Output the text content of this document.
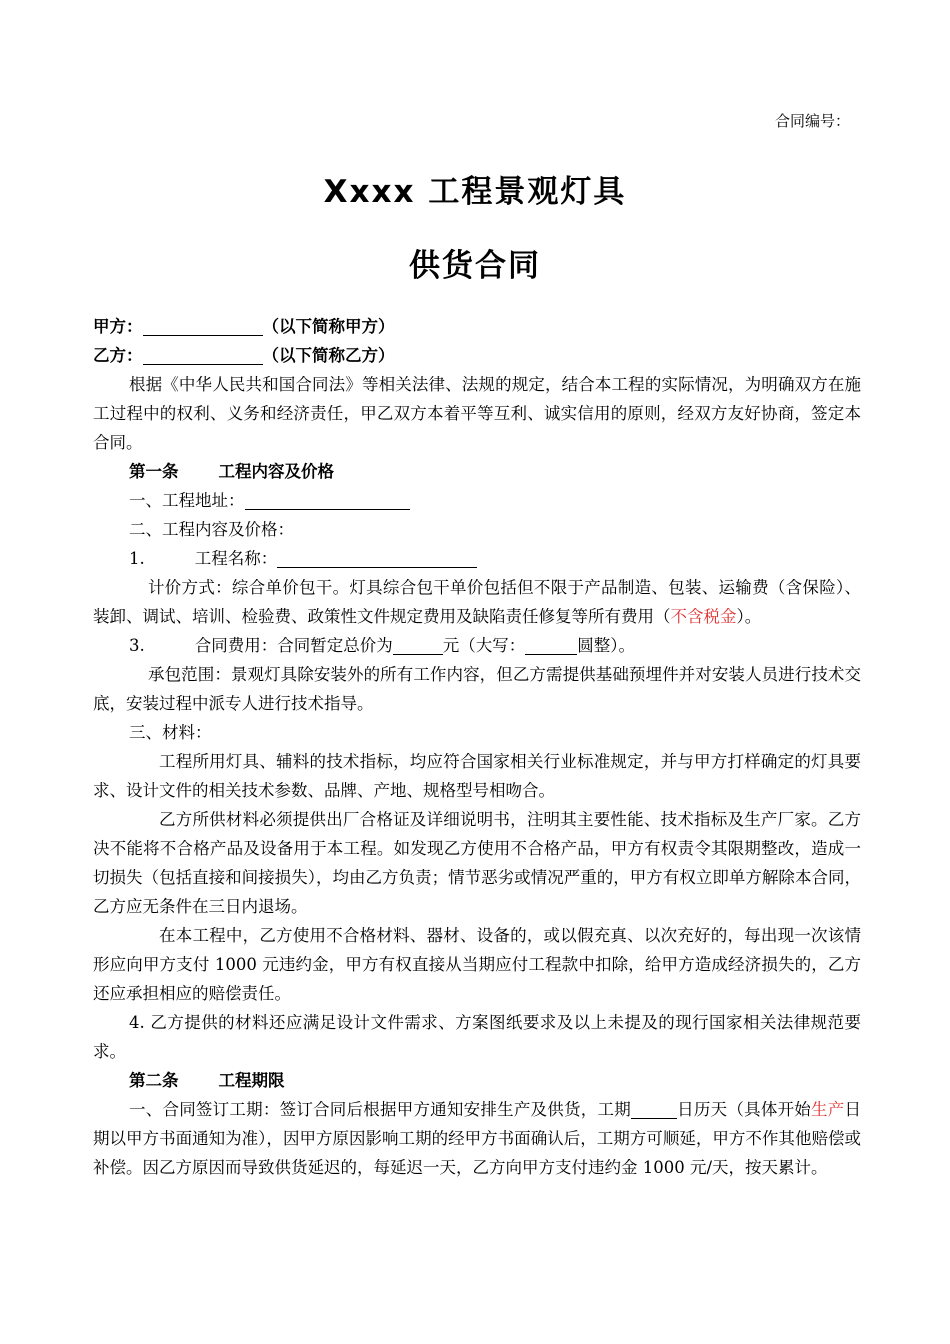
合同编号：
Xxxx 工程景观灯具
供货合同

甲方：	（以下简称甲方）

乙方：	（以下简称乙方）

根据《中华人民共和国合同法》等相关法律、法规的规定，结合本工程的实际情况，为明确双方在施工过程中的权利、义务和经济责任，甲乙双方本着平等互利、诚实信用的原则，经双方友好协商，签定本合同。

第一条 工程内容及价格

一、工程地址：

二、工程内容及价格：

1.	工程名称：

计价方式：综合单价包干。灯具综合包干单价包括但不限于产品制造、包装、运输费（含保险）、装卸、调试、培训、检验费、政策性文件规定费用及缺陷责任修复等所有费用（不含税金）。

3.	合同费用：合同暂定总价为	元（大写：	圆整）。

承包范围：景观灯具除安装外的所有工作内容，但乙方需提供基础预埋件并对安装人员进行技术交底，安装过程中派专人进行技术指导。

三、材料：

工程所用灯具、辅料的技术指标，均应符合国家相关行业标准规定，并与甲方打样确定的灯具要求、设计文件的相关技术参数、品牌、产地、规格型号相吻合。

乙方所供材料必须提供出厂合格证及详细说明书，注明其主要性能、技术指标及生产厂家。乙方决不能将不合格产品及设备用于本工程。如发现乙方使用不合格产品，甲方有权责令其限期整改，造成一切损失（包括直接和间接损失），均由乙方负责；情节恶劣或情况严重的，甲方有权立即单方解除本合同，乙方应无条件在三日内退场。

在本工程中，乙方使用不合格材料、器材、设备的，或以假充真、以次充好的，每出现一次该情形应向甲方支付 1000 元违约金，甲方有权直接从当期应付工程款中扣除，给甲方造成经济损失的，乙方还应承担相应的赔偿责任。

4. 乙方提供的材料还应满足设计文件需求、方案图纸要求及以上未提及的现行国家相关法律规范要求。

第二条 工程期限

一、合同签订工期：签订合同后根据甲方通知安排生产及供货，工期	日历天（具体开始生产日期以甲方书面通知为准），因甲方原因影响工期的经甲方书面确认后，工期方可顺延，甲方不作其他赔偿或补偿。因乙方原因而导致供货延迟的，每延迟一天，乙方向甲方支付违约金 1000 元/天，按天累计。
